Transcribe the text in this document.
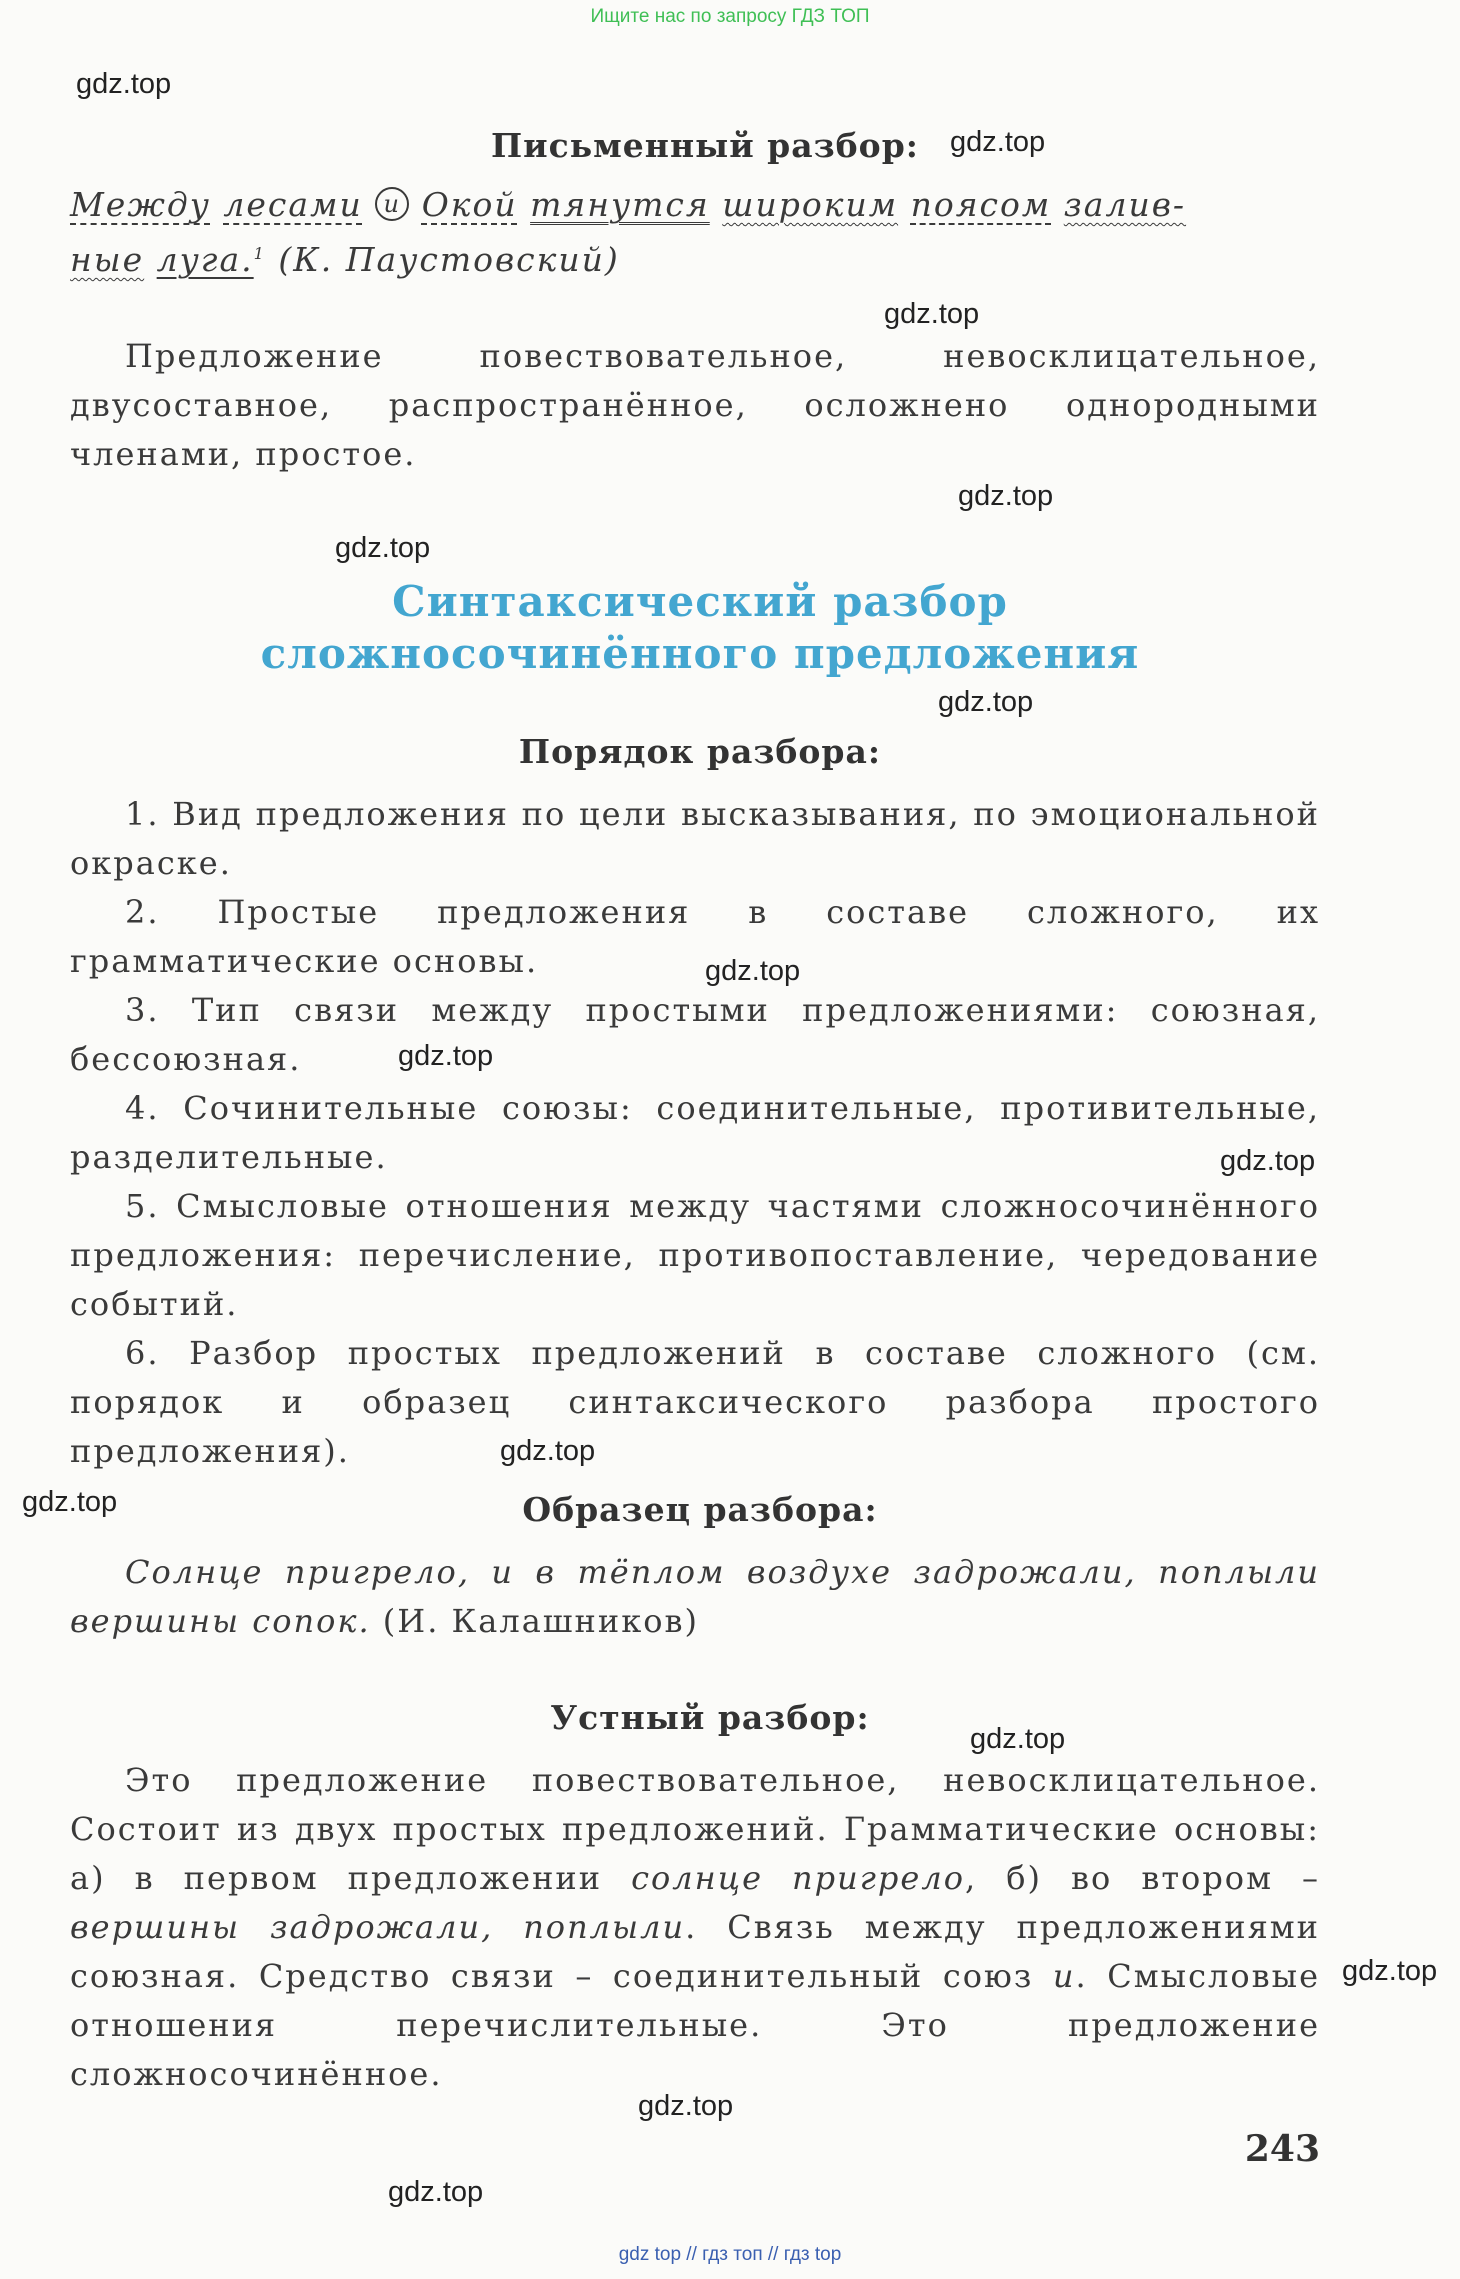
Ищите нас по запросу ГДЗ ТОП
gdz.top
gdz.top
gdz.top
gdz.top
gdz.top
gdz.top
gdz.top
gdz.top
gdz.top
gdz.top
gdz.top
gdz.top
gdz.top
gdz.top
gdz.top
Письменный разбор:
Между лесами и Окой тянутся широким поясом залив-
ные луга.$^1$ (К. Паустовский)

Предложение повествовательное, невосклицательное, двусоставное, распространённое, осложнено однородными членами, простое.

Синтаксический разбор
сложносочинённого предложения
Порядок разбора:
1. Вид предложения по цели высказывания, по эмоциональной окраске.
2. Простые предложения в составе сложного, их грамматические основы.
3. Тип связи между простыми предложениями: союзная, бессоюзная.
4. Сочинительные союзы: соединительные, противительные, разделительные.
5. Смысловые отношения между частями сложносочинённого предложения: перечисление, противопоставление, чередование событий.
6. Разбор простых предложений в составе сложного (см. порядок и образец синтаксического разбора простого предложения).
Образец разбора:

Солнце пригрело, и в тёплом воздухе задрожали, поплыли вершины сопок. (И. Калашников)

Устный разбор:

Это предложение повествовательное, невосклицательное. Состоит из двух простых предложений. Грамматические основы: а) в первом предложении солнце пригрело, б) во втором – вершины задрожали, поплыли. Связь между предложениями союзная. Средство связи – соединительный союз и. Смысловые отношения перечислительные. Это предложение сложносочинённое.

243
gdz top // гдз топ // гдз top
